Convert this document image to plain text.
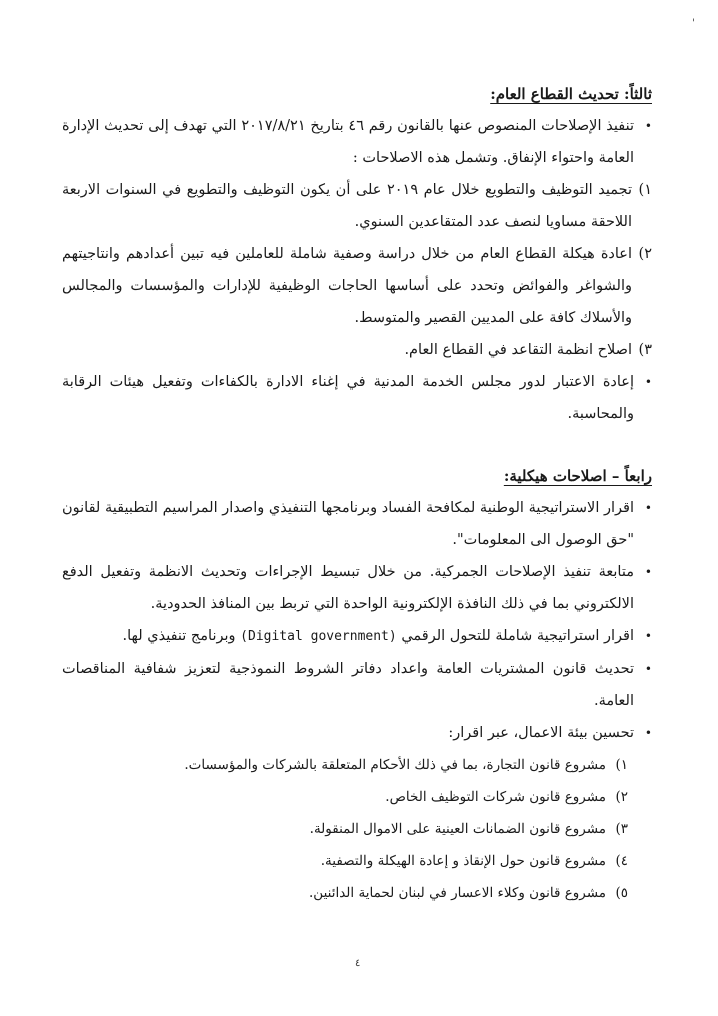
'

ثالثاً: تحديث القطاع العام:

•
تنفيذ الإصلاحات المنصوص عنها بالقانون رقم ٤٦ بتاريخ ٢٠١٧/٨/٢١ التي تهدف إلى تحديث الإدارة العامة واحتواء الإنفاق. وتشمل هذه الاصلاحات :
١)
تجميد التوظيف والتطويع خلال عام ٢٠١٩ على أن يكون التوظيف والتطويع في السنوات الاربعة اللاحقة مساويا لنصف عدد المتقاعدين السنوي.
٢)
اعادة هيكلة القطاع العام من خلال دراسة وصفية شاملة للعاملين فيه تبين أعدادهم وانتاجيتهم والشواغر والفوائض وتحدد على أساسها الحاجات الوظيفية للإدارات والمؤسسات والمجالس والأسلاك كافة على المديين القصير والمتوسط.
٣)
اصلاح انظمة التقاعد في القطاع العام.
•
إعادة الاعتبار لدور مجلس الخدمة المدنية في إغناء الادارة بالكفاءات وتفعيل هيئات الرقابة والمحاسبة.

رابعاً – اصلاحات هيكلية:

•
اقرار الاستراتيجية الوطنية لمكافحة الفساد وبرنامجها التنفيذي واصدار المراسيم التطبيقية لقانون "حق الوصول الى المعلومات".
•
متابعة تنفيذ الإصلاحات الجمركية. من خلال تبسيط الإجراءات وتحديث الانظمة وتفعيل الدفع الالكتروني بما في ذلك النافذة الإلكترونية الواحدة التي تربط بين المنافذ الحدودية.
•
اقرار استراتيجية شاملة للتحول الرقمي (Digital government) وبرنامج تنفيذي لها.
•
تحديث قانون المشتريات العامة واعداد دفاتر الشروط النموذجية لتعزيز شفافية المناقصات العامة.
•
تحسين بيئة الاعمال، عبر اقرار:
١)
مشروع قانون التجارة، بما في ذلك الأحكام المتعلقة بالشركات والمؤسسات.
٢)
مشروع قانون شركات التوظيف الخاص.
٣)
مشروع قانون الضمانات العينية على الاموال المنقولة.
٤)
مشروع قانون حول الإنقاذ و إعادة الهيكلة والتصفية.
٥)
مشروع قانون وكلاء الاعسار في لبنان لحماية الدائنين.
٤
